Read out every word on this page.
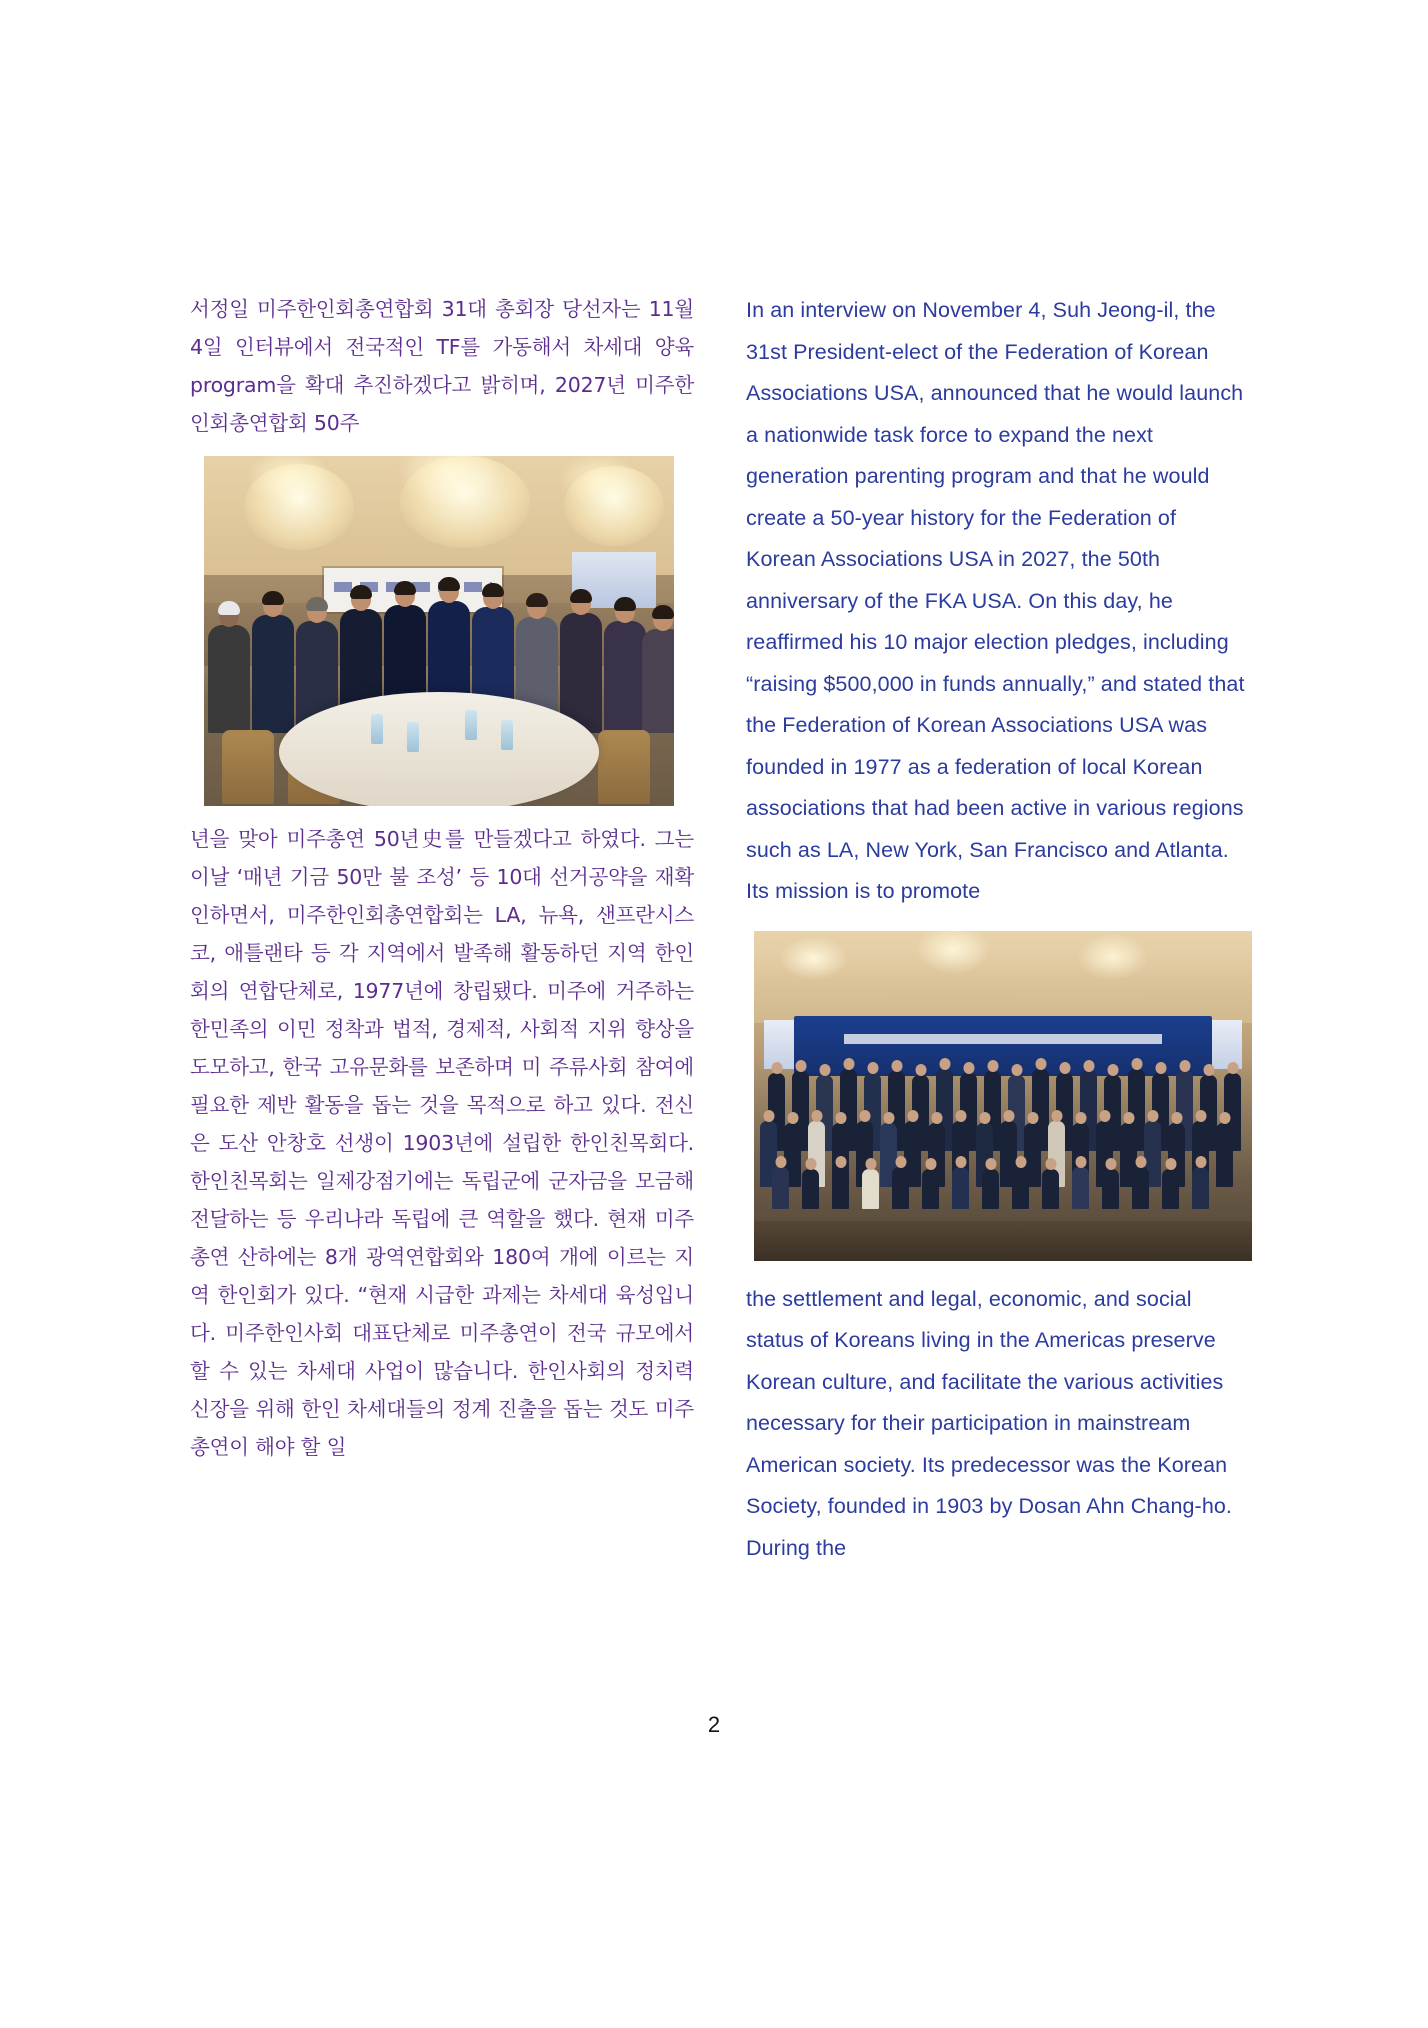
서정일 미주한인회총연합회 31대 총회장 당선자는 11월 4일 인터뷰에서 전국적인 TF를 가동해서 차세대 양육 program을 확대 추진하겠다고 밝히며, 2027년 미주한인회총연합회 50주

년을 맞아 미주총연 50년史를 만들겠다고 하였다. 그는 이날 ‘매년 기금 50만 불 조성’ 등 10대 선거공약을 재확인하면서, 미주한인회총연합회는 LA, 뉴욕, 샌프란시스코, 애틀랜타 등 각 지역에서 발족해 활동하던 지역 한인회의 연합단체로, 1977년에 창립됐다. 미주에 거주하는 한민족의 이민 정착과 법적, 경제적, 사회적 지위 향상을 도모하고, 한국 고유문화를 보존하며 미 주류사회 참여에 필요한 제반 활동을 돕는 것을 목적으로 하고 있다. 전신은 도산 안창호 선생이 1903년에 설립한 한인친목회다. 한인친목회는 일제강점기에는 독립군에 군자금을 모금해 전달하는 등 우리나라 독립에 큰 역할을 했다. 현재 미주총연 산하에는 8개 광역연합회와 180여 개에 이르는 지역 한인회가 있다. “현재 시급한 과제는 차세대 육성입니다. 미주한인사회 대표단체로 미주총연이 전국 규모에서 할 수 있는 차세대 사업이 많습니다. 한인사회의 정치력 신장을 위해 한인 차세대들의 정계 진출을 돕는 것도 미주총연이 해야 할 일

In an interview on November 4, Suh Jeong-il, the 31st President-elect of the Federation of Korean Associations USA, announced that he would launch a nationwide task force to expand the next generation parenting program and that he would create a 50-year history for the Federation of Korean Associations USA in 2027, the 50th anniversary of the FKA USA. On this day, he reaffirmed his 10 major election pledges, including “raising $500,000 in funds annually,” and stated that the Federation of Korean Associations USA was founded in 1977 as a federation of local Korean associations that had been active in various regions such as LA, New York, San Francisco and Atlanta. Its mission is to promote

the settlement and legal, economic, and social status of Koreans living in the Americas preserve Korean culture, and facilitate the various activities necessary for their participation in mainstream American society. Its predecessor was the Korean Society, founded in 1903 by Dosan Ahn Chang-ho. During the

2
